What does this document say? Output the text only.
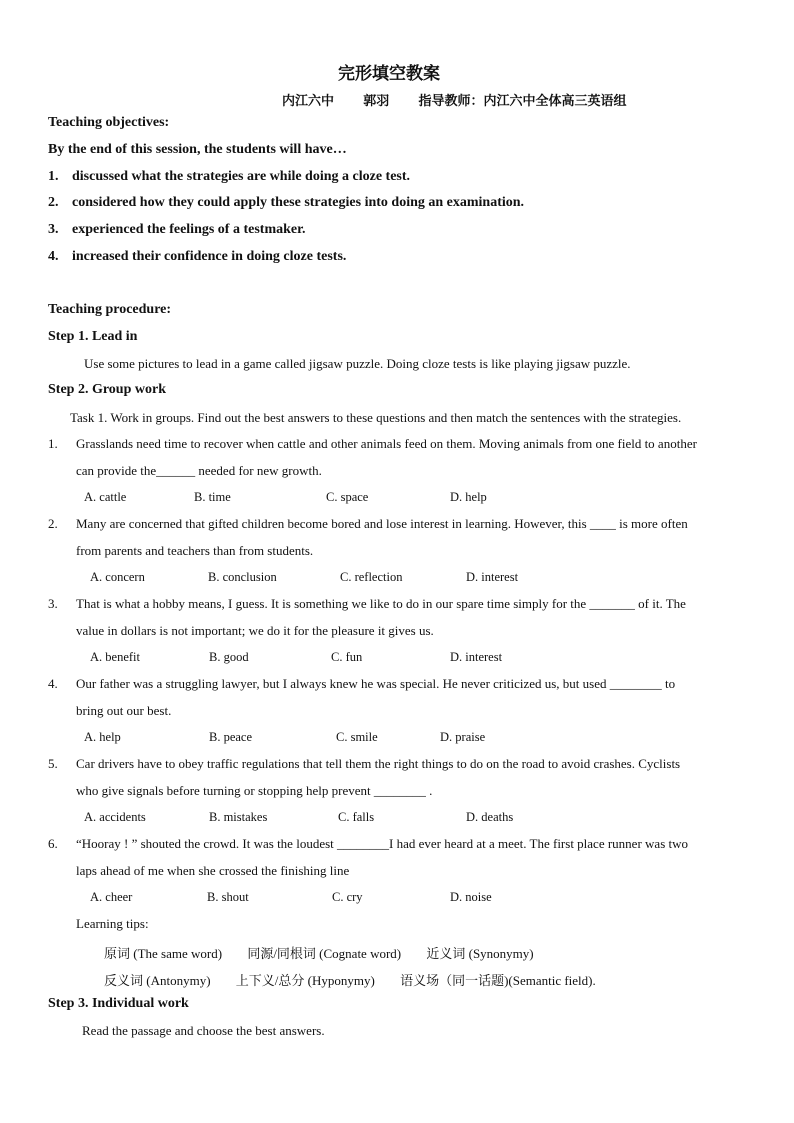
完形填空教案
内江六中 郭羽 指导教师：内江六中全体高三英语组
Teaching objectives:
By the end of this session, the students will have…
1. discussed what the strategies are while doing a cloze test.
2. considered how they could apply these strategies into doing an examination.
3. experienced the feelings of a testmaker.
4. increased their confidence in doing cloze tests.
Teaching procedure:
Step 1. Lead in
Use some pictures to lead in a game called jigsaw puzzle. Doing cloze tests is like playing jigsaw puzzle.
Step 2. Group work
Task 1. Work in groups. Find out the best answers to these questions and then match the sentences with the strategies.
1. Grasslands need time to recover when cattle and other animals feed on them. Moving animals from one field to another
can provide the______ needed for new growth.
A. cattle	B. time	C. space	D. help
2. Many are concerned that gifted children become bored and lose interest in learning. However, this ____ is more often
from parents and teachers than from students.
A. concern	B. conclusion	C. reflection	D. interest
3. That is what a hobby means, I guess. It is something we like to do in our spare time simply for the _______ of it. The
value in dollars is not important; we do it for the pleasure it gives us.
A. benefit	B. good	C. fun	D. interest
4. Our father was a struggling lawyer, but I always knew he was special. He never criticized us, but used ________ to
bring out our best.
A. help	B. peace	C. smile	D. praise
5. Car drivers have to obey traffic regulations that tell them the right things to do on the road to avoid crashes. Cyclists
who give signals before turning or stopping help prevent ________ .
A. accidents	B. mistakes	C. falls	D. deaths
6. “Hooray ! ” shouted the crowd. It was the loudest ________I had ever heard at a meet. The first place runner was two
laps ahead of me when she crossed the finishing line
A. cheer	B. shout	C. cry	D. noise
Learning tips:
原词 (The same word) 同源/同根词 (Cognate word) 近义词 (Synonymy)
反义词 (Antonymy) 上下义/总分 (Hyponymy) 语义场（同一话题)(Semantic field).
Step 3. Individual work
Read the passage and choose the best answers.
